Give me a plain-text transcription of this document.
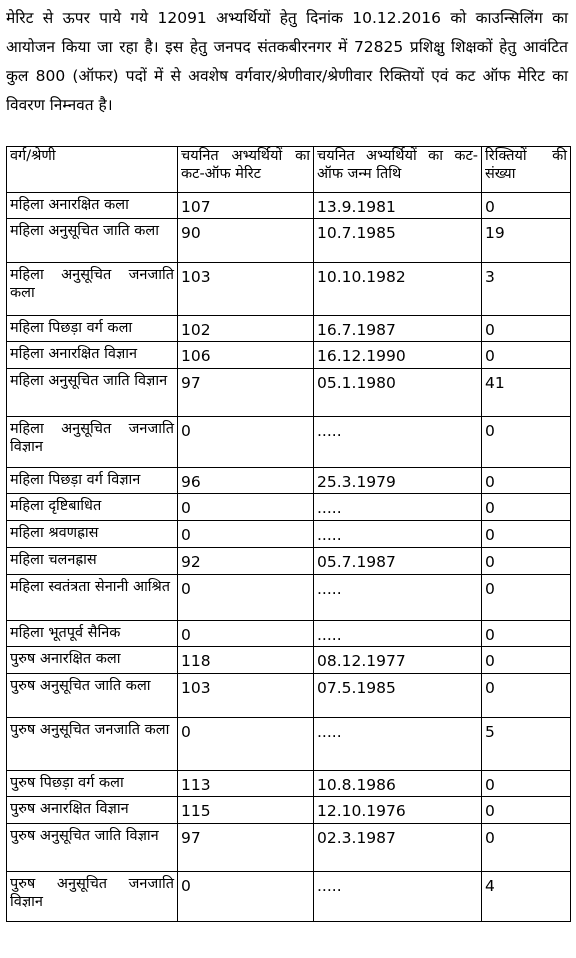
मेरिट से ऊपर पाये गये 12091 अभ्यर्थियों हेतु दिनांक 10.12.2016 को काउन्सिलिंग का आयोजन किया जा रहा है। इस हेतु जनपद संतकबीरनगर में 72825 प्रशिक्षु शिक्षकों हेतु आवंटित कुल 800 (ऑफर) पदों में से अवशेष वर्गवार/श्रेणीवार/श्रेणीवार रिक्तियों एवं कट ऑफ मेरिट का विवरण निम्नवत है।

वर्ग/श्रेणी	चयनित अभ्यर्थियों का कट-ऑफ मेरिट	चयनित अभ्यर्थियों का कट-ऑफ जन्म तिथि	रिक्तियों की संख्या
महिला अनारक्षित कला	107	13.9.1981	0
महिला अनुसूचित जाति कला	90	10.7.1985	19
महिला अनुसूचित जनजाति कला	103	10.10.1982	3
महिला पिछड़ा वर्ग कला	102	16.7.1987	0
महिला अनारक्षित विज्ञान	106	16.12.1990	0
महिला अनुसूचित जाति विज्ञान	97	05.1.1980	41
महिला अनुसूचित जनजाति विज्ञान	0	.....	0
महिला पिछड़ा वर्ग विज्ञान	96	25.3.1979	0
महिला दृष्टिबाधित	0	.....	0
महिला श्रवणह्रास	0	.....	0
महिला चलनह्रास	92	05.7.1987	0
महिला स्वतंत्रता सेनानी आश्रित	0	.....	0
महिला भूतपूर्व सैनिक	0	.....	0
पुरुष अनारक्षित कला	118	08.12.1977	0
पुरुष अनुसूचित जाति कला	103	07.5.1985	0
पुरुष अनुसूचित जनजाति कला	0	.....	5
पुरुष पिछड़ा वर्ग कला	113	10.8.1986	0
पुरुष अनारक्षित विज्ञान	115	12.10.1976	0
पुरुष अनुसूचित जाति विज्ञान	97	02.3.1987	0
पुरुष अनुसूचित जनजाति विज्ञान	0	.....	4
